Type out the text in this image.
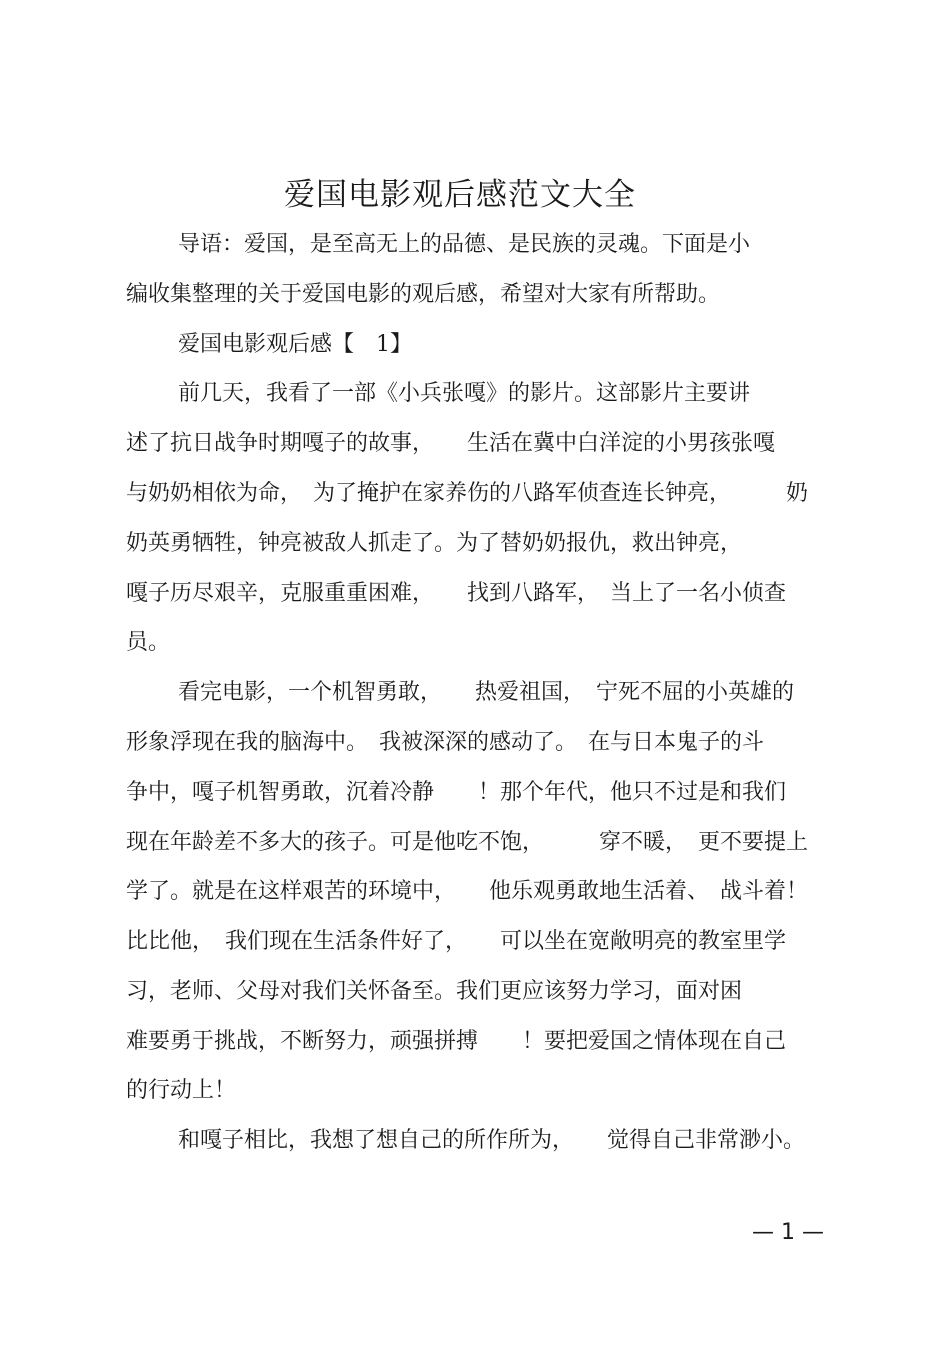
爱国电影观后感范文大全
导语：爱国，是至高无上的品德、是民族的灵魂。下面是小
编收集整理的关于爱国电影的观后感，希望对大家有所帮助。
爱国电影观后感【　1】
前几天，我看了一部《小兵张嘎》的影片。这部影片主要讲
述了抗日战争时期嘎子的故事，　　生活在冀中白洋淀的小男孩张嘎
与奶奶相依为命，　为了掩护在家养伤的八路军侦查连长钟亮，　　　奶
奶英勇牺牲，钟亮被敌人抓走了。为了替奶奶报仇，救出钟亮，
嘎子历尽艰辛，克服重重困难，　　找到八路军，　当上了一名小侦查
员。
看完电影，一个机智勇敢，　　热爱祖国，　宁死不屈的小英雄的
形象浮现在我的脑海中。　我被深深的感动了。　在与日本鬼子的斗
争中，嘎子机智勇敢，沉着冷静　　！那个年代，他只不过是和我们
现在年龄差不多大的孩子。可是他吃不饱，　　　穿不暖，　更不要提上
学了。就是在这样艰苦的环境中，　　他乐观勇敢地生活着、　战斗着！
比比他，　我们现在生活条件好了，　　可以坐在宽敞明亮的教室里学
习，老师、父母对我们关怀备至。我们更应该努力学习，面对困
难要勇于挑战，不断努力，顽强拼搏　　！要把爱国之情体现在自己
的行动上！
和嘎子相比，我想了想自己的所作所为，　　觉得自己非常渺小。
— 1 —
